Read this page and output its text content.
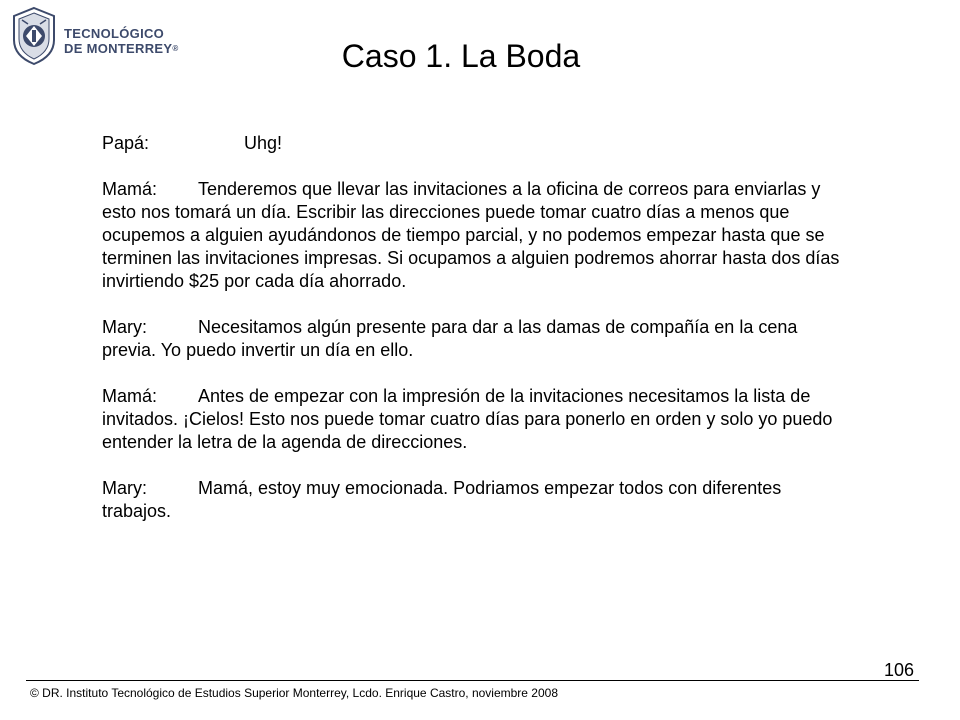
TECNOLÓGICO
DE MONTERREY®	Caso 1. La Boda
Papá:	Uhg!
Mamá: Tenderemos que llevar las invitaciones a la oficina de correos para enviarlas y esto nos tomará un día. Escribir las direcciones puede tomar cuatro días a menos que ocupemos a alguien ayudándonos de tiempo parcial, y no podemos empezar hasta que se terminen las invitaciones impresas. Si ocupamos a alguien podremos ahorrar hasta dos días invirtiendo $25 por cada día ahorrado.
Mary:	Necesitamos algún presente para dar a las damas de compañía en la cena previa. Yo puedo invertir un día en ello.
Mamá: Antes de empezar con la impresión de la invitaciones necesitamos la lista de invitados. ¡Cielos! Esto nos puede tomar cuatro días para ponerlo en orden y solo yo puedo entender la letra de la agenda de direcciones.
Mary:	Mamá, estoy muy emocionada. Podriamos empezar todos con diferentes trabajos.
106
© DR. Instituto Tecnológico de Estudios Superior Monterrey, Lcdo. Enrique Castro, noviembre 2008
